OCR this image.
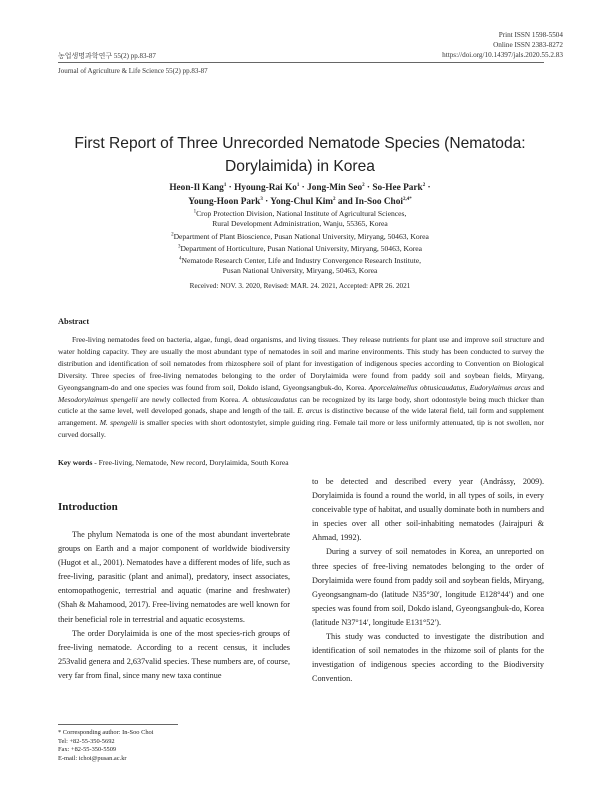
Print ISSN 1598-5504
Online ISSN 2383-8272
https://doi.org/10.14397/jals.2020.55.2.83
농업생명과학연구 55(2) pp.83-87
Journal of Agriculture & Life Science 55(2) pp.83-87
First Report of Three Unrecorded Nematode Species (Nematoda:
Dorylaimida) in Korea
Heon-Il Kang$^1$ · Hyoung-Rai $Ko^1$ · Jong-Min Seo$^2$ · So-Hee Park$^2$ ·
Young-Hoon Park$^3$ · Yong-Chul Kim$^2$ and In-Soo Choi$^{2,4*}$
$^1$Crop Protection Division, National Institute of Agricultural Sciences,
Rural Development Administration, Wanju, 55365, Korea
$^2$Department of Plant Bioscience, Pusan National University, Miryang, 50463, Korea
$^3$Department of Horticulture, Pusan National University, Miryang, 50463, Korea
$^4$Nematode Research Center, Life and Industry Convergence Research Institute,
Pusan National University, Miryang, 50463, Korea
Received: NOV. 3. 2020, Revised: MAR. 24. 2021, Accepted: APR 26. 2021
Abstract
Free-living nematodes feed on bacteria, algae, fungi, dead organisms, and living tissues. They release nutrients for plant use and improve soil structure and water holding capacity. They are usually the most abundant type of nematodes in soil and marine environments. This study has been conducted to survey the distribution and identification of soil nematodes from rhizosphere soil of plant for investigation of indigenous species according to Convention on Biological Diversity. Three species of free-living nematodes belonging to the order of Dorylaimida were found from paddy soil and soybean fields, Miryang, Gyeongsangnam-do and one species was found from soil, Dokdo island, Gyeongsangbuk-do, Korea. Aporcelaimellus obtusicaudatus, Eudorylaimus arcus and Mesodorylaimus spengelii are newly collected from Korea. A. obtusicaudatus can be recognized by its large body, short odontostyle being much thicker than cuticle at the same level, well developed gonads, shape and length of the tail. E. arcus is distinctive because of the wide lateral field, tail form and supplement arrangement. M. spengelii is smaller species with short odontostylet, simple guiding ring. Female tail more or less uniformly attenuated, tip is not swollen, nor curved dorsally.
Key words - Free-living, Nematode, New record, Dorylaimida, South Korea
Introduction

The phylum Nematoda is one of the most abundant invertebrate groups on Earth and a major component of worldwide biodiversity (Hugot et al., 2001). Nematodes have a different modes of life, such as free-living, parasitic (plant and animal), predatory, insect associates, entomopathogenic, terrestrial and aquatic (marine and freshwater) (Shah & Mahamood, 2017). Free-living nematodes are well known for their beneficial role in terrestrial and aquatic ecosystems.

The order Dorylaimida is one of the most species-rich groups of free-living nematode. According to a recent census, it includes 253valid genera and 2,637valid species. These numbers are, of course, very far from final, since many new taxa continue

to be detected and described every year (Andrássy, 2009). Dorylaimida is found a round the world, in all types of soils, in every conceivable type of habitat, and usually dominate both in numbers and in species over all other soil-inhabiting nematodes (Jairajpuri & Ahmad, 1992).

During a survey of soil nematodes in Korea, an unreported on three species of free-living nematodes belonging to the order of Dorylaimida were found from paddy soil and soybean fields, Miryang, Gyeongsangnam-do (latitude N35°30′, longitude E128°44′) and one species was found from soil, Dokdo island, Gyeongsangbuk-do, Korea (latitude N37°14′, longitude E131°52′).

This study was conducted to investigate the distribution and identification of soil nematodes in the rhizome soil of plants for the investigation of indigenous species according to the Biodiversity Convention.

* Corresponding author: In-Soo Choi
Tel: +82-55-350-5692
Fax: +82-55-350-5509
E-mail: ichoi@pusan.ac.kr
